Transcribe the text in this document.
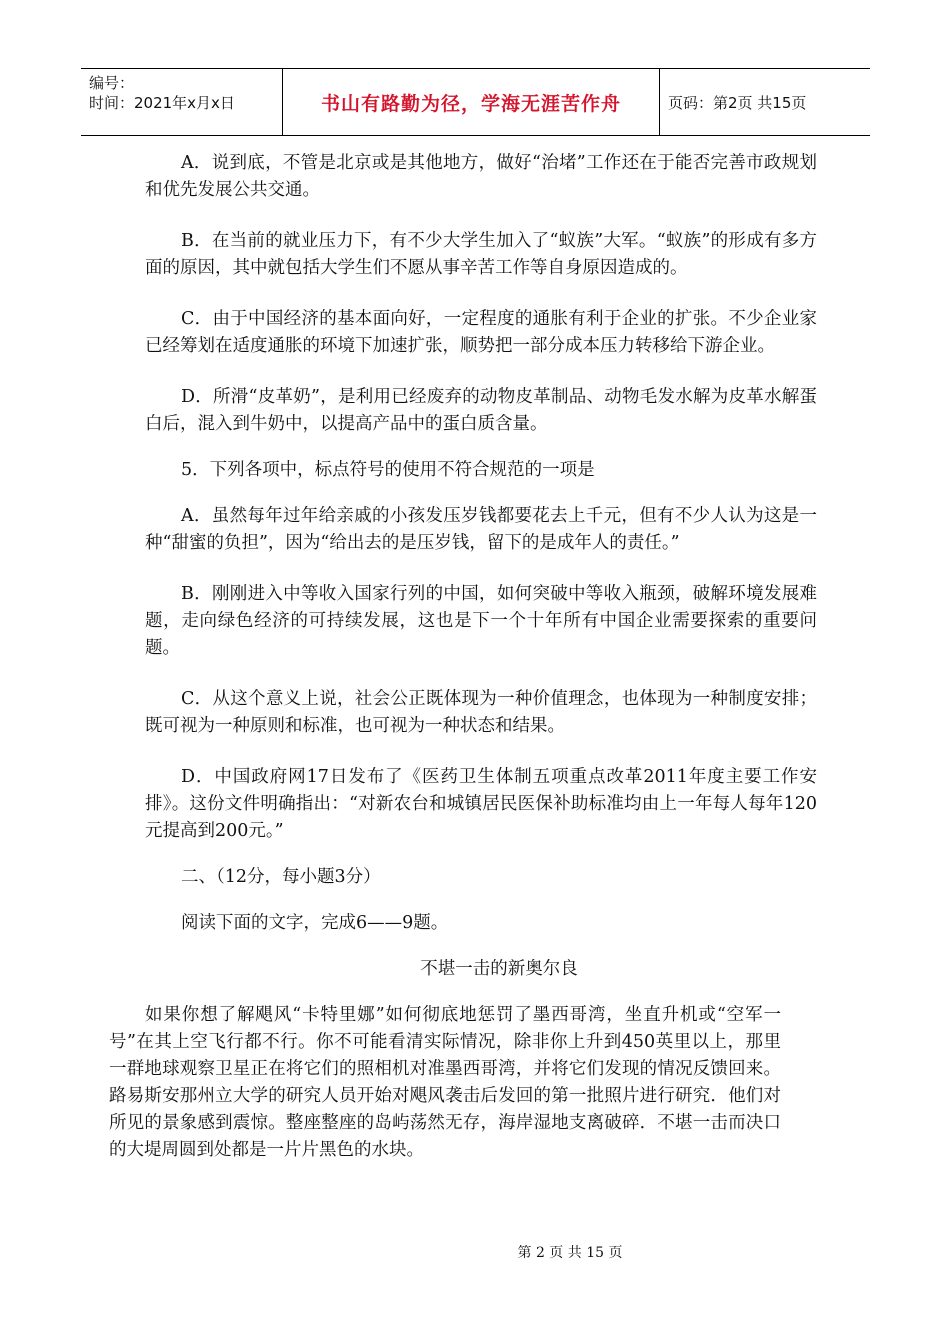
编号：
时间：2021年x月x日	书山有路勤为径，学海无涯苦作舟	页码：第2页 共15页

A．说到底，不管是北京或是其他地方，做好“治堵”工作还在于能否完善市政规划和优先发展公共交通。

B．在当前的就业压力下，有不少大学生加入了“蚁族”大军。“蚁族”的形成有多方面的原因，其中就包括大学生们不愿从事辛苦工作等自身原因造成的。

C．由于中国经济的基本面向好，一定程度的通胀有利于企业的扩张。不少企业家已经筹划在适度通胀的环境下加速扩张，顺势把一部分成本压力转移给下游企业。

D．所滑“皮革奶”，是利用已经废弃的动物皮革制品、动物毛发水解为皮革水解蛋白后，混入到牛奶中，以提高产品中的蛋白质含量。

5．下列各项中，标点符号的使用不符合规范的一项是

A．虽然每年过年给亲戚的小孩发压岁钱都要花去上千元，但有不少人认为这是一种“甜蜜的负担”，因为“给出去的是压岁钱，留下的是成年人的责任。”

B．刚刚进入中等收入国家行列的中国，如何突破中等收入瓶颈，破解环境发展难题，走向绿色经济的可持续发展，这也是下一个十年所有中国企业需要探索的重要问题。

C．从这个意义上说，社会公正既体现为一种价值理念，也体现为一种制度安排；既可视为一种原则和标准，也可视为一种状态和结果。

D．中国政府网17日发布了《医药卫生体制五项重点改革2011年度主要工作安排》。这份文件明确指出：“对新农台和城镇居民医保补助标准均由上一年每人每年120元提高到200元。”

二、（12分，每小题3分）

阅读下面的文字，完成6——9题。

不堪一击的新奥尔良

如果你想了解飓风“卡特里娜”如何彻底地惩罚了墨西哥湾，坐直升机或“空军一号”在其上空飞行都不行。你不可能看清实际情况，除非你上升到450英里以上，那里一群地球观察卫星正在将它们的照相机对准墨西哥湾，并将它们发现的情况反馈回来。路易斯安那州立大学的研究人员开始对飓风袭击后发回的第一批照片进行研究．他们对所见的景象感到震惊。整座整座的岛屿荡然无存，海岸湿地支离破碎．不堪一击而决口的大堤周圆到处都是一片片黑色的水块。

第 2 页 共 15 页
